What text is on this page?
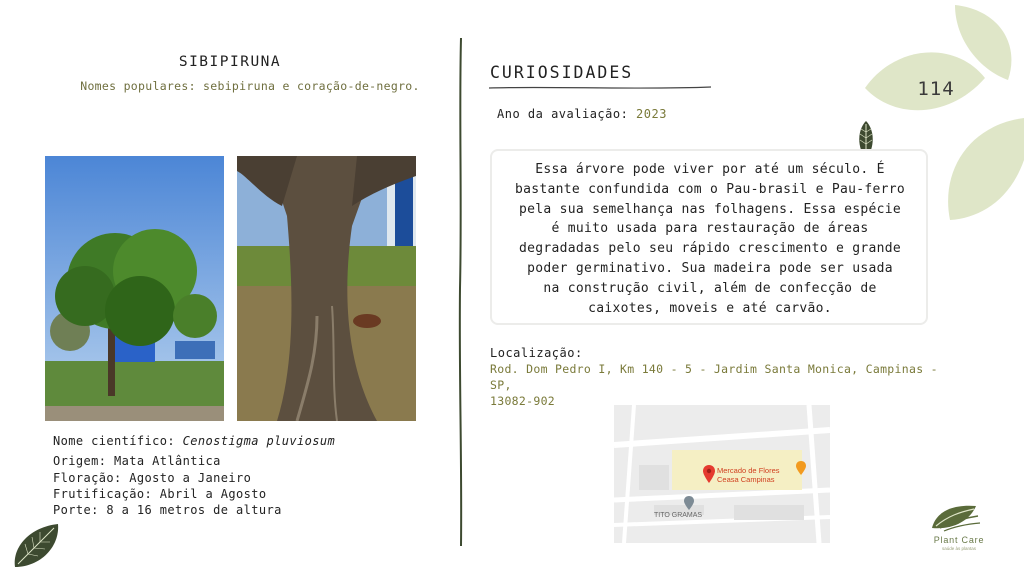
114
SIBIPIRUNA
Nomes populares: sebipiruna e coração-de-negro.
Nome científico: Cenostigma pluviosum
Origem: Mata Atlântica
Floração: Agosto a Janeiro
Frutificação: Abril a Agosto
Porte: 8 a 16 metros de altura
CURIOSIDADES
Ano da avaliação: 2023
Essa árvore pode viver por até um século. É
bastante confundida com o Pau-brasil e Pau-ferro
pela sua semelhança nas folhagens. Essa espécie
é muito usada para restauração de áreas
degradadas pelo seu rápido crescimento e grande
poder germinativo. Sua madeira pode ser usada
na construção civil, além de confecção de
caixotes, moveis e até carvão.
Localização:
Rod. Dom Pedro I, Km 140 - 5 - Jardim Santa Monica, Campinas - SP,
13082-902
Mercado de Flores
Ceasa Campinas
TITO GRAMAS
Plant Care
saúde às plantas
